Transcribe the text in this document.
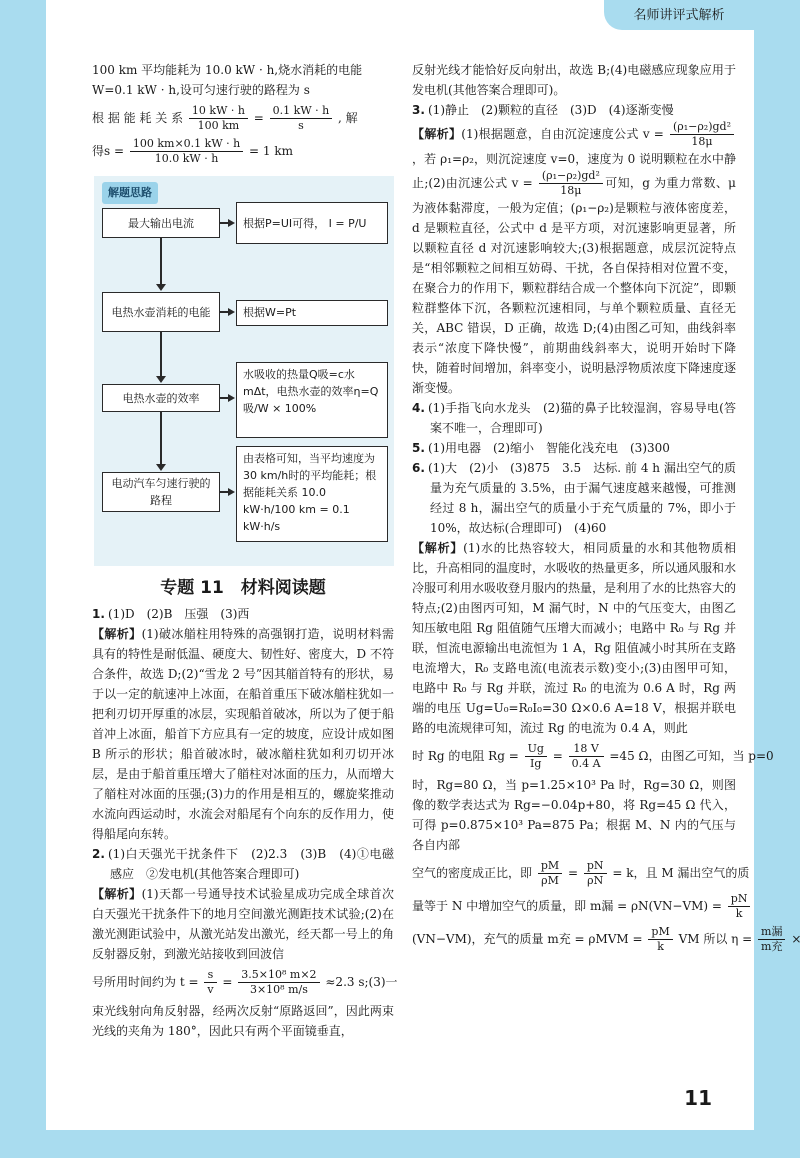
名师讲评式解析
11

100 km 平均能耗为 10.0 kW · h,烧水消耗的电能

W=0.1 kW · h,设可匀速行驶的路程为 s

根 据 能 耗 关 系 $\frac{10 kW \cdot h}{100 km} = \frac{0.1 kW \cdot h}{s}$ , 解

得$s = \frac{100 km\times 0.1 kW \cdot h}{10.0 kW \cdot h} = 1$ km

解题思路
最大输出电流	根据P=UI可得， I = P/U
电热水壶消耗的电能	根据W=Pt
电热水壶的效率
水吸收的热量Q吸=c水mΔt，电热水壶的效率η=Q吸/W × 100%
电动汽车匀速行驶的路程
由表格可知，当平均速度为30 km/h时的平均能耗；根据能耗关系 10.0 kW·h/100 km = 0.1 kW·h/s
专题 11　材料阅读题

1. (1)D　(2)B　压强　(3)西

【解析】(1)破冰艏柱用特殊的高强钢打造，说明材料需具有的特性是耐低温、硬度大、韧性好、密度大，D 不符合条件，故选 D;(2)“雪龙 2 号”因其艏首特有的形状，易于以一定的航速冲上冰面，在船首重压下破冰艏柱犹如一把利刃切开厚重的冰层，实现船首破冰，所以为了便于船首冲上冰面，船首下方应具有一定的坡度，应设计成如图 B 所示的形状；船首破冰时，破冰艏柱犹如利刃切开冰层，是由于船首重压增大了艏柱对冰面的压力，从而增大了艏柱对冰面的压强;(3)力的作用是相互的，螺旋桨推动水流向西运动时，水流会对船尾有个向东的反作用力，使得船尾向东转。

2. (1)白天强光干扰条件下　(2)2.3　(3)B　(4)①电磁感应　②发电机(其他答案合理即可)

【解析】(1)天都一号通导技术试验星成功完成全球首次白天强光干扰条件下的地月空间激光测距技术试验;(2)在激光测距试验中，从激光站发出激光，经天都一号上的角反射器反射，到激光站接收到回波信

号所用时间约为 $t = \frac{s}{v} = \frac{\text{3.5×10⁸ m×2}}{\text{3×10⁸ m/s}} \approx 2.3$ s;(3)一

束光线射向角反射器，经两次反射“原路返回”，因此两束光线的夹角为 180°，因此只有两个平面镜垂直，

反射光线才能恰好反向射出，故选 B;(4)电磁感应现象应用于发电机(其他答案合理即可)。

3. (1)静止　(2)颗粒的直径　(3)D　(4)逐渐变慢

【解析】(1)根据题意，自由沉淀速度公式 $v = \frac{\text{(ρ₁−ρ₂)gd²}}{18\mu}$
，若 ρ₁=ρ₂，则沉淀速度 v=0，速度为 0 说明颗粒在水中静止;(2)由沉速公式 $v = \frac{\text{(ρ₁−ρ₂)gd²}}{18\mu}$ 可知，g 为重力常数、μ 为液体黏滞度，一般为定值；(ρ₁−ρ₂)是颗粒与液体密度差，d 是颗粒直径，公式中 d 是平方项，对沉速影响更显著，所以颗粒直径 d 对沉速影响较大;(3)根据题意，成层沉淀特点是“相邻颗粒之间相互妨碍、干扰，各自保持相对位置不变，在聚合力的作用下，颗粒群结合成一个整体向下沉淀”，即颗粒群整体下沉，各颗粒沉速相同，与单个颗粒质量、直径无关，ABC 错误，D 正确，故选 D;(4)由图乙可知，曲线斜率表示“浓度下降快慢”，前期曲线斜率大，说明开始时下降快，随着时间增加，斜率变小，说明悬浮物质浓度下降速度逐渐变慢。

4. (1)手指飞向水龙头　(2)猫的鼻子比较湿润，容易导电(答案不唯一，合理即可)

5. (1)用电器　(2)缩小　智能化浅充电　(3)300

6. (1)大　(2)小　(3)875　3.5　达标. 前 4 h 漏出空气的质量为充气质量的 3.5%，由于漏气速度越来越慢，可推测经过 8 h，漏出空气的质量小于充气质量的 7%，即小于 10%，故达标(合理即可)　(4)60

【解析】(1)水的比热容较大，相同质量的水和其他物质相比，升高相同的温度时，水吸收的热量更多，所以通风服和水冷服可利用水吸收登月服内的热量，是利用了水的比热容大的特点;(2)由图丙可知，M 漏气时，N 中的气压变大，由图乙知压敏电阻 Rg 阻值随气压增大而减小；电路中 R₀ 与 Rg 并联，恒流电源输出电流恒为 1 A，Rg 阻值减小时其所在支路电流增大，R₀ 支路电流(电流表示数)变小;(3)由图甲可知，电路中 R₀ 与 Rg 并联，流过 R₀ 的电流为 0.6 A 时，Rg 两端的电压 Ug=U₀=R₀I₀=30 Ω×0.6 A=18 V，根据并联电路的电流规律可知，流过 Rg 的电流为 0.4 A，则此

时 Rg 的电阻 $Rg = \frac{Ug}{Ig} = \frac{18 V}{0.4 A} =45$ Ω，由图乙可知，当 p=0

时，Rg=80 Ω，当 p=1.25×10³ Pa 时，Rg=30 Ω，则图像的数学表达式为 Rg=−0.04p+80，将 Rg=45 Ω 代入，可得 p=0.875×10³ Pa=875 Pa；根据 M、N 内的气压与各自内部

空气的密度成正比，即 $\frac{pM}{\rho M} = \frac{pN}{\rho N} = k$，且 M 漏出空气的质

量等于 N 中增加空气的质量，即 m漏 = $\rho N(VN-VM) = \frac{pN}{k}$

(VN−VM)，充气的质量 m充 = $\rho MVM = \frac{pM}{k}$ VM 所以 $\eta = \frac{\text{m漏}}{\text{m充}}$ ×
